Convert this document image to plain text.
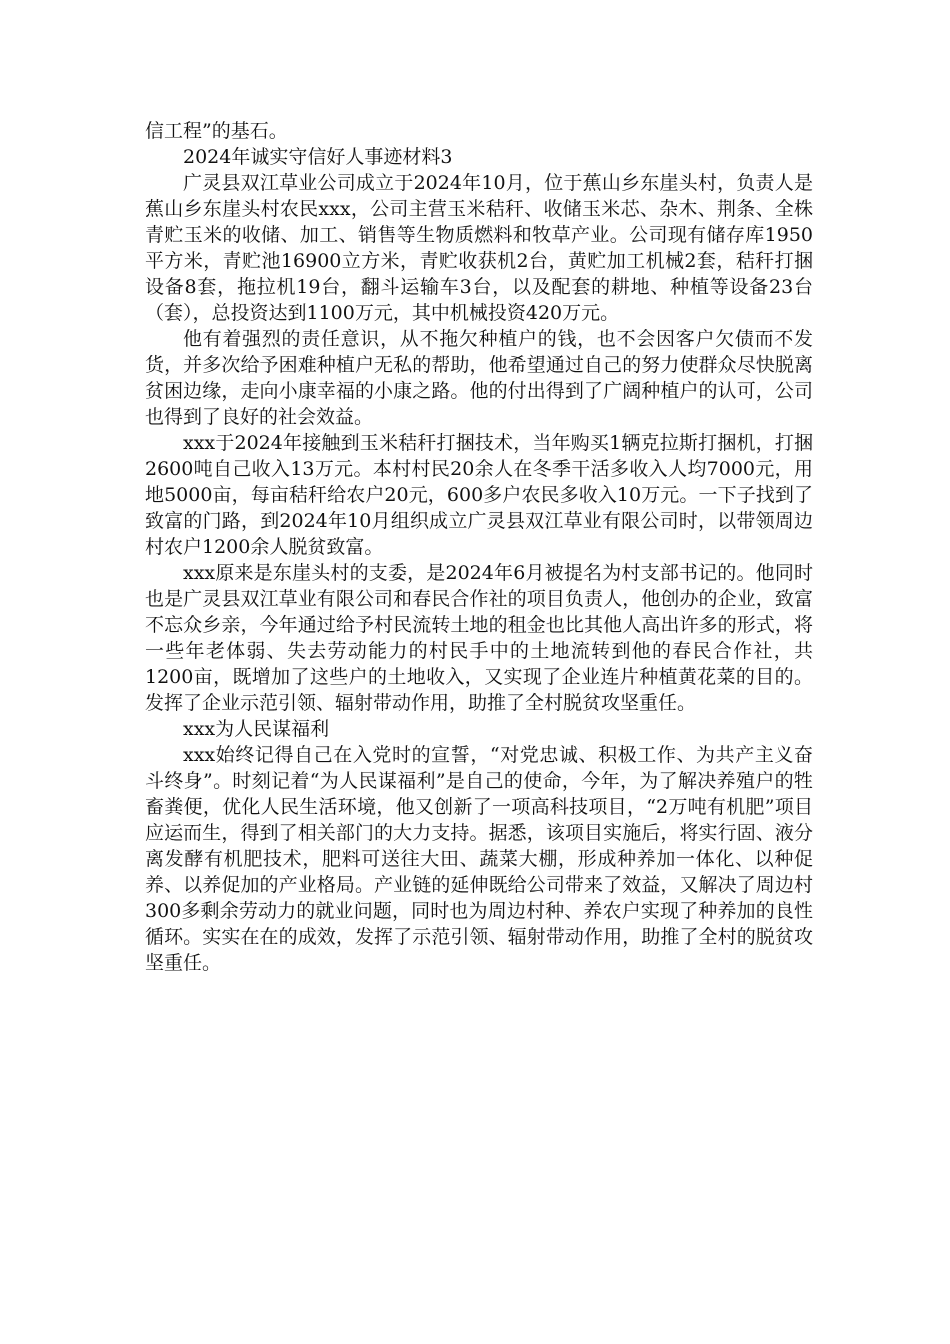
信工程”的基石。

2024年诚实守信好人事迹材料3

广灵县双江草业公司成立于2024年10月，位于蕉山乡东崖头村，负责人是蕉山乡东崖头村农民xxx，公司主营玉米秸秆、收储玉米芯、杂木、荆条、全株青贮玉米的收储、加工、销售等生物质燃料和牧草产业。公司现有储存库1950平方米，青贮池16900立方米，青贮收获机2台，黄贮加工机械2套，秸秆打捆设备8套，拖拉机19台，翻斗运输车3台，以及配套的耕地、种植等设备23台（套），总投资达到1100万元，其中机械投资420万元。

他有着强烈的责任意识，从不拖欠种植户的钱，也不会因客户欠债而不发货，并多次给予困难种植户无私的帮助，他希望通过自己的努力使群众尽快脱离贫困边缘，走向小康幸福的小康之路。他的付出得到了广阔种植户的认可，公司也得到了良好的社会效益。

xxx于2024年接触到玉米秸秆打捆技术，当年购买1辆克拉斯打捆机，打捆2600吨自己收入13万元。本村村民20余人在冬季干活多收入人均7000元，用地5000亩，每亩秸秆给农户20元，600多户农民多收入10万元。一下子找到了致富的门路，到2024年10月组织成立广灵县双江草业有限公司时，以带领周边村农户1200余人脱贫致富。

xxx原来是东崖头村的支委，是2024年6月被提名为村支部书记的。他同时也是广灵县双江草业有限公司和春民合作社的项目负责人，他创办的企业，致富不忘众乡亲，今年通过给予村民流转土地的租金也比其他人高出许多的形式，将一些年老体弱、失去劳动能力的村民手中的土地流转到他的春民合作社，共1200亩，既增加了这些户的土地收入，又实现了企业连片种植黄花菜的目的。发挥了企业示范引领、辐射带动作用，助推了全村脱贫攻坚重任。

xxx为人民谋福利

xxx始终记得自己在入党时的宣誓，“对党忠诚、积极工作、为共产主义奋斗终身”。时刻记着“为人民谋福利”是自己的使命，今年，为了解决养殖户的牲畜粪便，优化人民生活环境，他又创新了一项高科技项目，“2万吨有机肥”项目应运而生，得到了相关部门的大力支持。据悉，该项目实施后，将实行固、液分离发酵有机肥技术，肥料可送往大田、蔬菜大棚，形成种养加一体化、以种促养、以养促加的产业格局。产业链的延伸既给公司带来了效益，又解决了周边村300多剩余劳动力的就业问题，同时也为周边村种、养农户实现了种养加的良性循环。实实在在的成效，发挥了示范引领、辐射带动作用，助推了全村的脱贫攻坚重任。
